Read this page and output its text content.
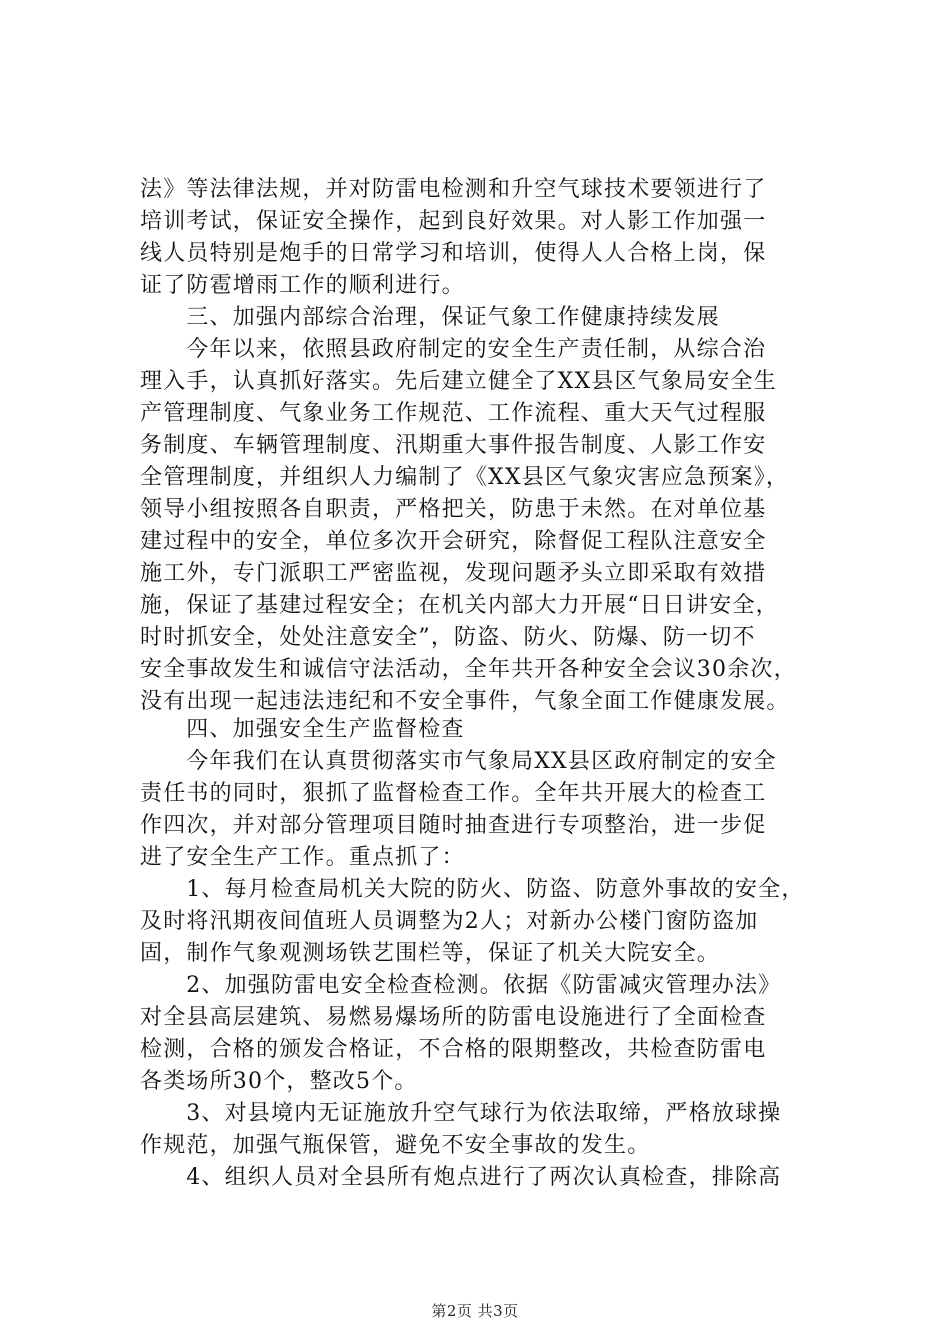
法》等法律法规，并对防雷电检测和升空气球技术要领进行了
培训考试，保证安全操作，起到良好效果。对人影工作加强一
线人员特别是炮手的日常学习和培训，使得人人合格上岗，保
证了防雹增雨工作的顺利进行。

三、加强内部综合治理，保证气象工作健康持续发展

今年以来，依照县政府制定的安全生产责任制，从综合治
理入手，认真抓好落实。先后建立健全了XX县区气象局安全生
产管理制度、气象业务工作规范、工作流程、重大天气过程服
务制度、车辆管理制度、汛期重大事件报告制度、人影工作安
全管理制度，并组织人力编制了《XX县区气象灾害应急预案》，
领导小组按照各自职责，严格把关，防患于未然。在对单位基
建过程中的安全，单位多次开会研究，除督促工程队注意安全
施工外，专门派职工严密监视，发现问题矛头立即采取有效措
施，保证了基建过程安全；在机关内部大力开展“日日讲安全，
时时抓安全，处处注意安全”，防盗、防火、防爆、防一切不
安全事故发生和诚信守法活动，全年共开各种安全会议30余次，
没有出现一起违法违纪和不安全事件，气象全面工作健康发展。

四、加强安全生产监督检查

今年我们在认真贯彻落实市气象局XX县区政府制定的安全
责任书的同时，狠抓了监督检查工作。全年共开展大的检查工
作四次，并对部分管理项目随时抽查进行专项整治，进一步促
进了安全生产工作。重点抓了：

1、每月检查局机关大院的防火、防盗、防意外事故的安全，
及时将汛期夜间值班人员调整为2人；对新办公楼门窗防盗加
固，制作气象观测场铁艺围栏等，保证了机关大院安全。

2、加强防雷电安全检查检测。依据《防雷减灾管理办法》
对全县高层建筑、易燃易爆场所的防雷电设施进行了全面检查
检测，合格的颁发合格证，不合格的限期整改，共检查防雷电
各类场所30个，整改5个。

3、对县境内无证施放升空气球行为依法取缔，严格放球操
作规范，加强气瓶保管，避免不安全事故的发生。

4、组织人员对全县所有炮点进行了两次认真检查，排除高

第2页 共3页
